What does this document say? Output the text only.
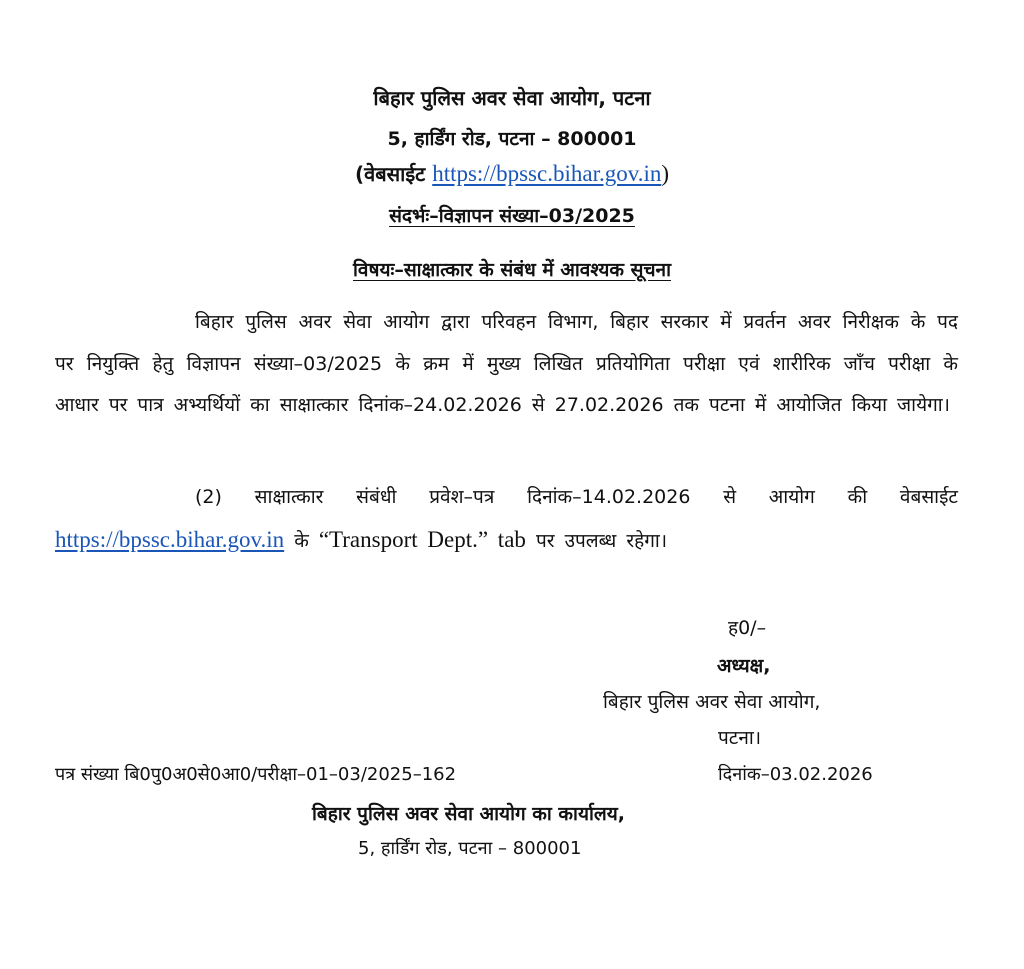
बिहार पुलिस अवर सेवा आयोग, पटना
5, हार्डिंग रोड, पटना – 800001
(वेबसाईट https://bpssc.bihar.gov.in)
संदर्भः–विज्ञापन संख्या–03/2025
विषयः–साक्षात्कार के संबंध में आवश्यक सूचना
बिहार पुलिस अवर सेवा आयोग द्वारा परिवहन विभाग, बिहार सरकार में प्रवर्तन अवर निरीक्षक के पद पर नियुक्ति हेतु विज्ञापन संख्या–03/2025 के क्रम में मुख्य लिखित प्रतियोगिता परीक्षा एवं शारीरिक जाँच परीक्षा के आधार पर पात्र अभ्यर्थियों का साक्षात्कार दिनांक–24.02.2026 से 27.02.2026 तक पटना में आयोजित किया जायेगा।
(2) साक्षात्कार संबंधी प्रवेश–पत्र दिनांक–14.02.2026 से आयोग की वेबसाईट https://bpssc.bihar.gov.in के “Transport Dept.” tab पर उपलब्ध रहेगा।
ह0/–
अध्यक्ष,
बिहार पुलिस अवर सेवा आयोग,
पटना।
पत्र संख्या बि0पु0अ0से0आ0/परीक्षा–01–03/2025–162	दिनांक–03.02.2026
बिहार पुलिस अवर सेवा आयोग का कार्यालय,
5, हार्डिंग रोड, पटना – 800001
